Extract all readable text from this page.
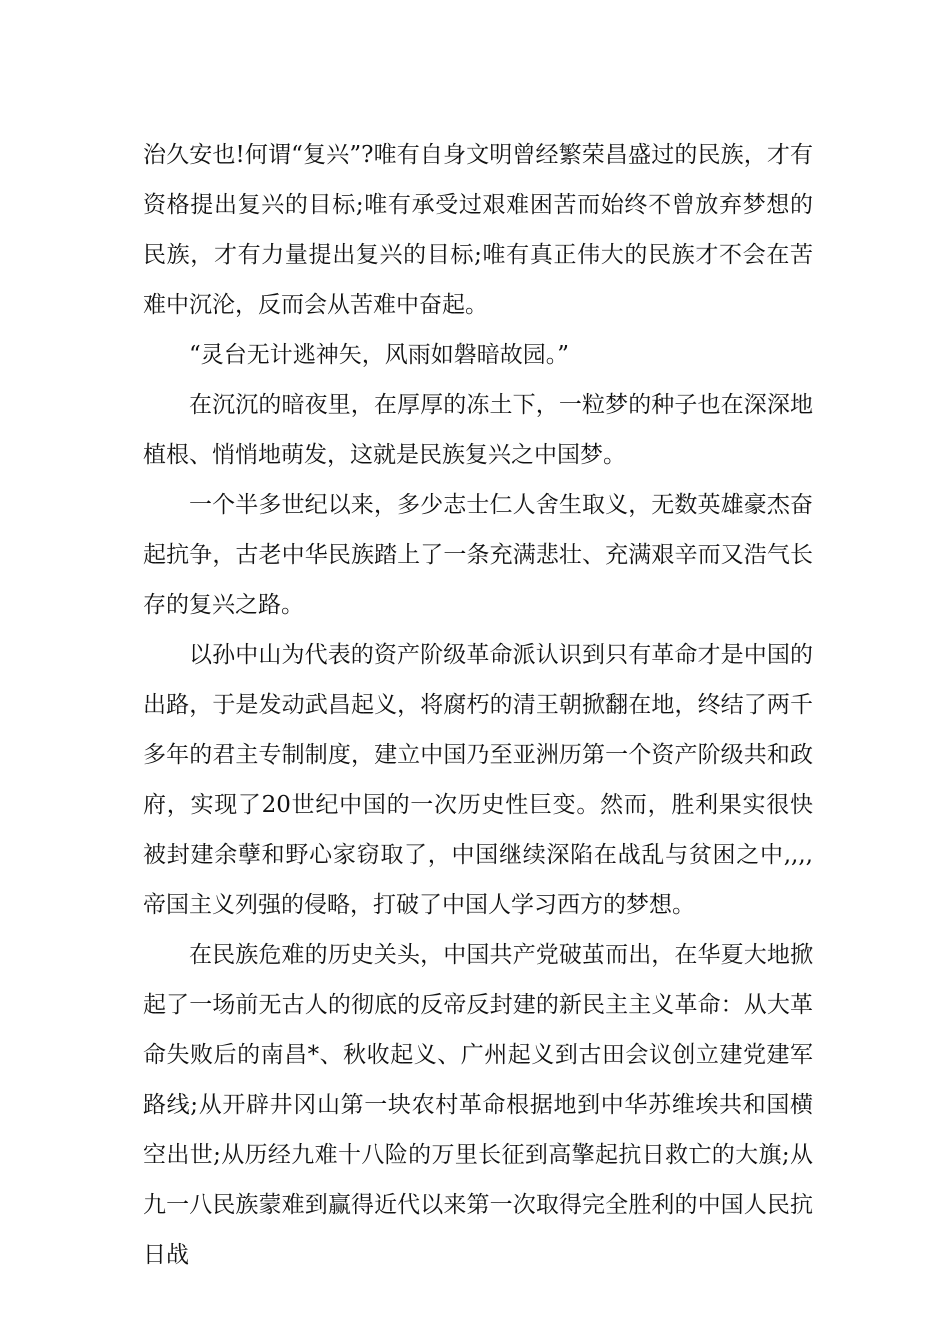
治久安也!何谓“复兴”?唯有自身文明曾经繁荣昌盛过的民族，才有资格提出复兴的目标;唯有承受过艰难困苦而始终不曾放弃梦想的民族，才有力量提出复兴的目标;唯有真正伟大的民族才不会在苦难中沉沦，反而会从苦难中奋起。

“灵台无计逃神矢，风雨如磐暗故园。”

在沉沉的暗夜里，在厚厚的冻土下，一粒梦的种子也在深深地植根、悄悄地萌发，这就是民族复兴之中国梦。

一个半多世纪以来，多少志士仁人舍生取义，无数英雄豪杰奋起抗争，古老中华民族踏上了一条充满悲壮、充满艰辛而又浩气长存的复兴之路。

以孙中山为代表的资产阶级革命派认识到只有革命才是中国的出路，于是发动武昌起义，将腐朽的清王朝掀翻在地，终结了两千多年的君主专制制度，建立中国乃至亚洲历第一个资产阶级共和政府，实现了20世纪中国的一次历史性巨变。然而，胜利果实很快被封建余孽和野心家窃取了，中国继续深陷在战乱与贫困之中,,,,帝国主义列强的侵略，打破了中国人学习西方的梦想。

在民族危难的历史关头，中国共产党破茧而出，在华夏大地掀起了一场前无古人的彻底的反帝反封建的新民主主义革命：从大革命失败后的南昌*、秋收起义、广州起义到古田会议创立建党建军路线;从开辟井冈山第一块农村革命根据地到中华苏维埃共和国横空出世;从历经九难十八险的万里长征到高擎起抗日救亡的大旗;从九一八民族蒙难到赢得近代以来第一次取得完全胜利的中国人民抗日战
